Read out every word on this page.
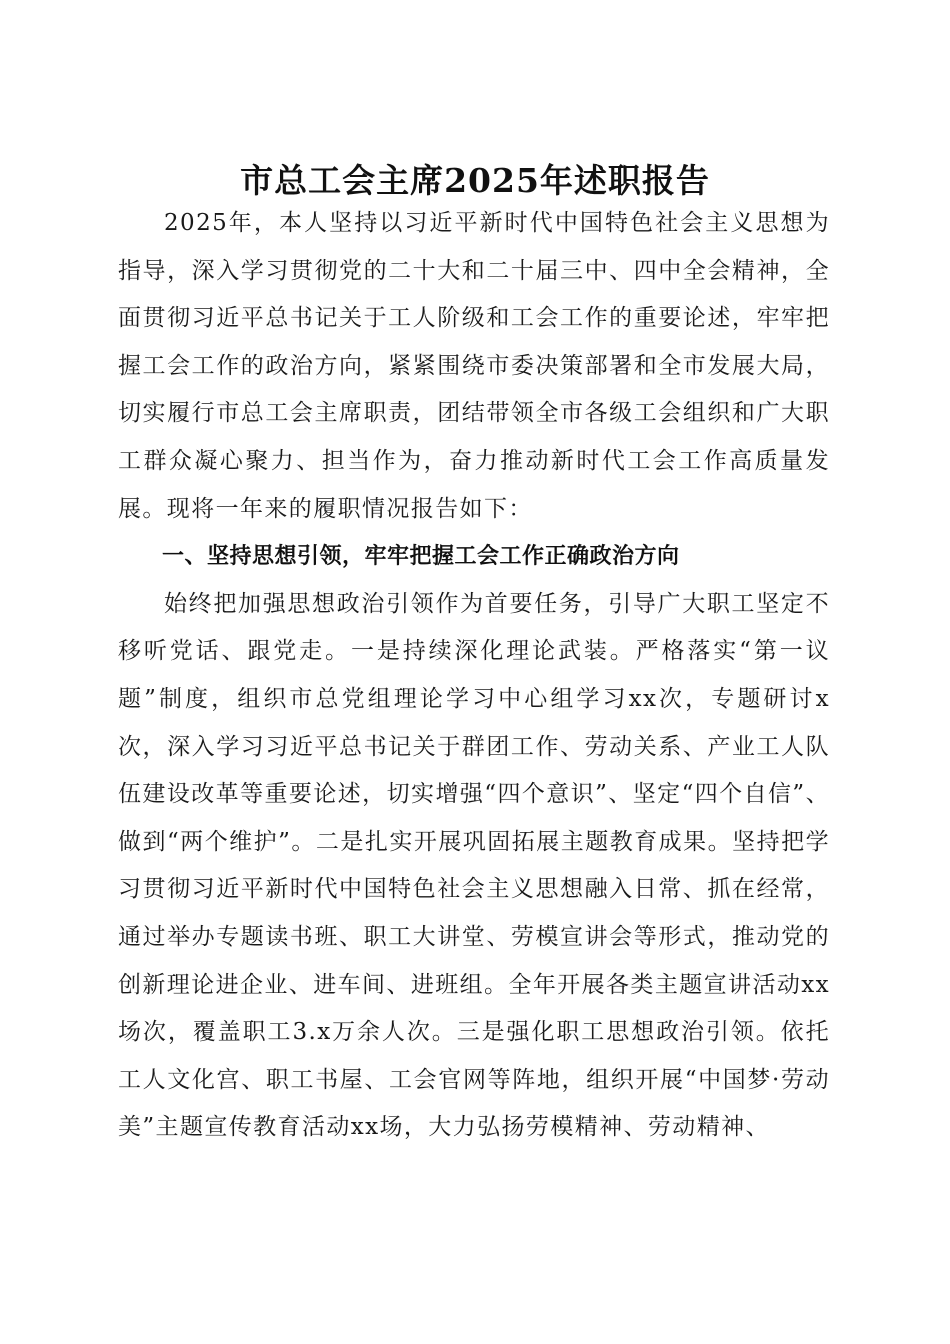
市总工会主席2025年述职报告

2025年，本人坚持以习近平新时代中国特色社会主义思想为指导，深入学习贯彻党的二十大和二十届三中、四中全会精神，全面贯彻习近平总书记关于工人阶级和工会工作的重要论述，牢牢把握工会工作的政治方向，紧紧围绕市委决策部署和全市发展大局，切实履行市总工会主席职责，团结带领全市各级工会组织和广大职工群众凝心聚力、担当作为，奋力推动新时代工会工作高质量发展。现将一年来的履职情况报告如下：

一、坚持思想引领，牢牢把握工会工作正确政治方向

始终把加强思想政治引领作为首要任务，引导广大职工坚定不移听党话、跟党走。一是持续深化理论武装。严格落实“第一议题”制度，组织市总党组理论学习中心组学习xx次，专题研讨x次，深入学习习近平总书记关于群团工作、劳动关系、产业工人队伍建设改革等重要论述，切实增强“四个意识”、坚定“四个自信”、做到“两个维护”。二是扎实开展巩固拓展主题教育成果。坚持把学习贯彻习近平新时代中国特色社会主义思想融入日常、抓在经常，通过举办专题读书班、职工大讲堂、劳模宣讲会等形式，推动党的创新理论进企业、进车间、进班组。全年开展各类主题宣讲活动xx场次，覆盖职工3.x万余人次。三是强化职工思想政治引领。依托工人文化宫、职工书屋、工会官网等阵地，组织开展“中国梦·劳动美”主题宣传教育活动xx场，大力弘扬劳模精神、劳动精神、
